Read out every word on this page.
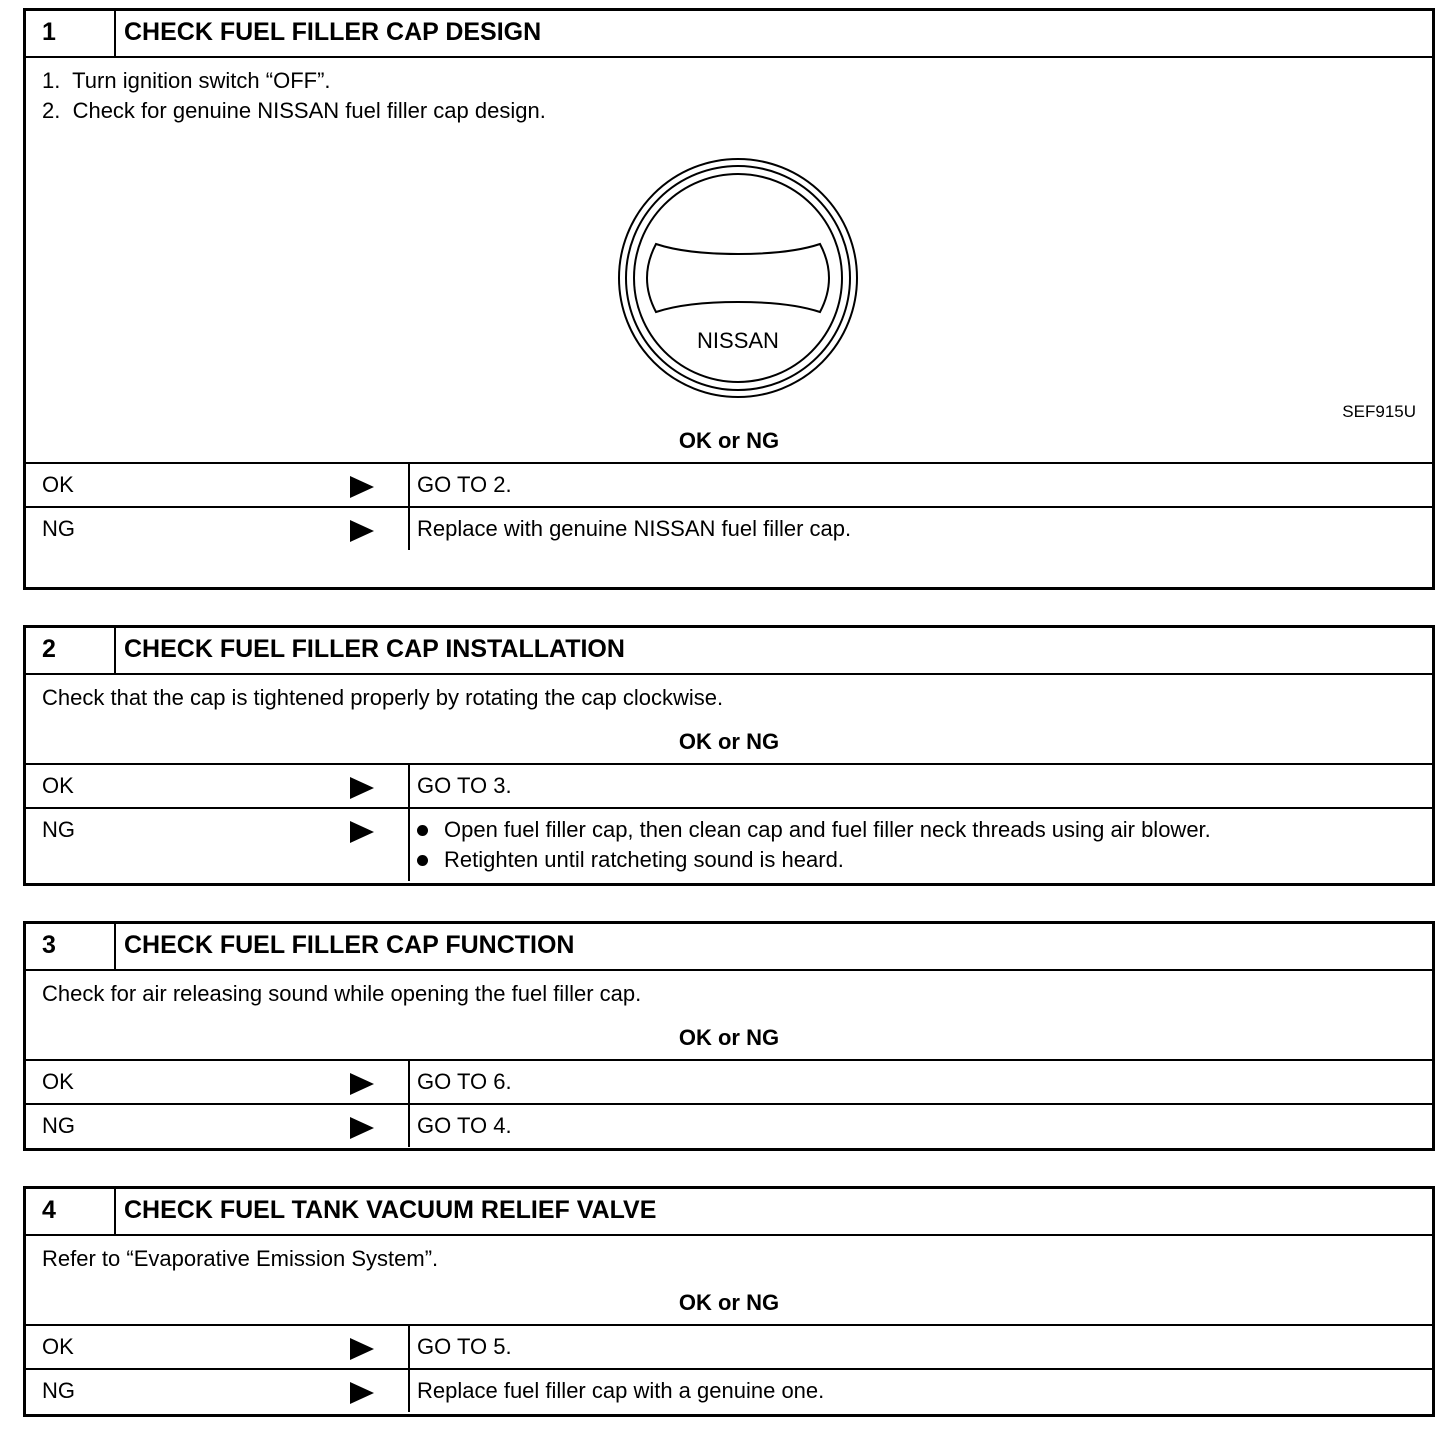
1	CHECK FUEL FILLER CAP DESIGN
1.  Turn ignition switch “OFF”.
2.  Check for genuine NISSAN fuel filler cap design.
NISSAN
SEF915U
OK or NG
OK	GO TO 2.
NG	Replace with genuine NISSAN fuel filler cap.
2	CHECK FUEL FILLER CAP INSTALLATION
Check that the cap is tightened properly by rotating the cap clockwise.
OK or NG
OK	GO TO 3.
NG	Open fuel filler cap, then clean cap and fuel filler neck threads using air blower.
Retighten until ratcheting sound is heard.
3	CHECK FUEL FILLER CAP FUNCTION
Check for air releasing sound while opening the fuel filler cap.
OK or NG
OK	GO TO 6.
NG	GO TO 4.
4	CHECK FUEL TANK VACUUM RELIEF VALVE
Refer to “Evaporative Emission System”.
OK or NG
OK	GO TO 5.
NG	Replace fuel filler cap with a genuine one.
